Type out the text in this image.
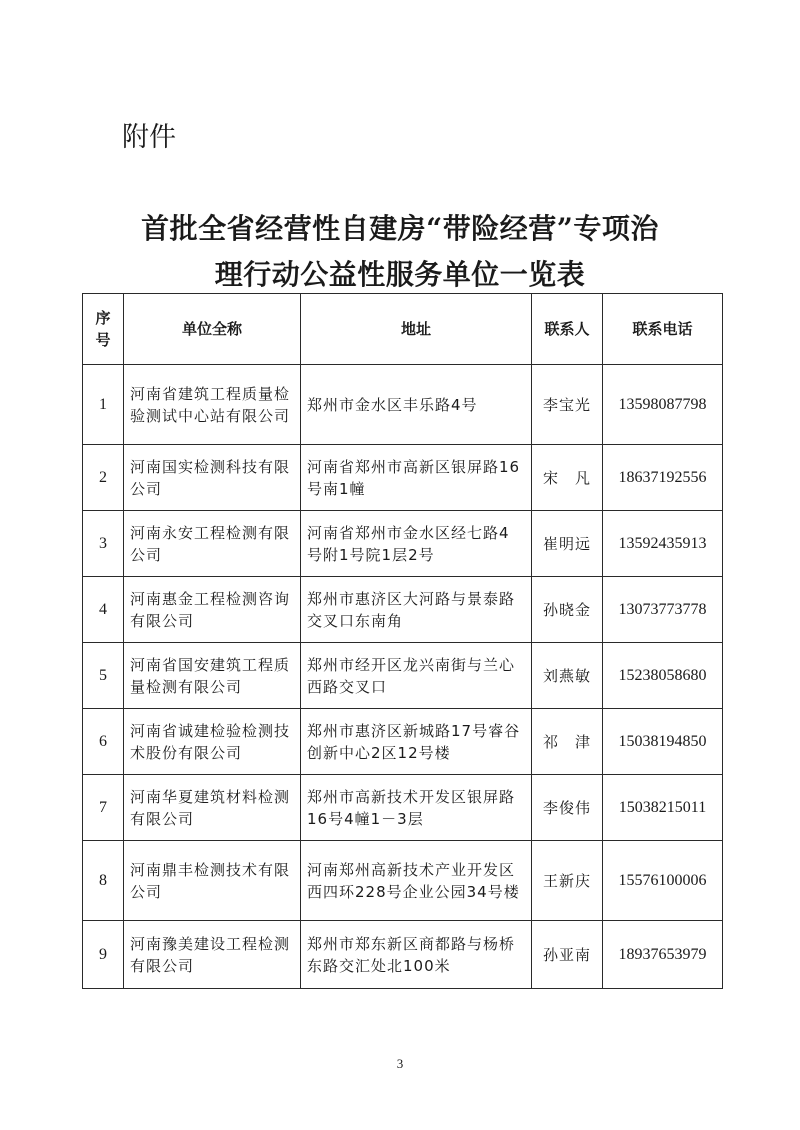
附件
首批全省经营性自建房“带险经营”专项治
理行动公益性服务单位一览表
序号	单位全称	地址	联系人	联系电话
1	河南省建筑工程质量检验测试中心站有限公司	郑州市金水区丰乐路4号	李宝光	13598087798
2	河南国实检测科技有限公司	河南省郑州市高新区银屏路16号南1幢	宋　凡	18637192556
3	河南永安工程检测有限公司	河南省郑州市金水区经七路4号附1号院1层2号	崔明远	13592435913
4	河南惠金工程检测咨询有限公司	郑州市惠济区大河路与景泰路交叉口东南角	孙晓金	13073773778
5	河南省国安建筑工程质量检测有限公司	郑州市经开区龙兴南街与兰心西路交叉口	刘燕敏	15238058680
6	河南省诚建检验检测技术股份有限公司	郑州市惠济区新城路17号睿谷创新中心2区12号楼	祁　津	15038194850
7	河南华夏建筑材料检测有限公司	郑州市高新技术开发区银屏路16号4幢1－3层	李俊伟	15038215011
8	河南鼎丰检测技术有限公司	河南郑州高新技术产业开发区西四环228号企业公园34号楼	王新庆	15576100006
9	河南豫美建设工程检测有限公司	郑州市郑东新区商都路与杨桥东路交汇处北100米	孙亚南	18937653979
3
